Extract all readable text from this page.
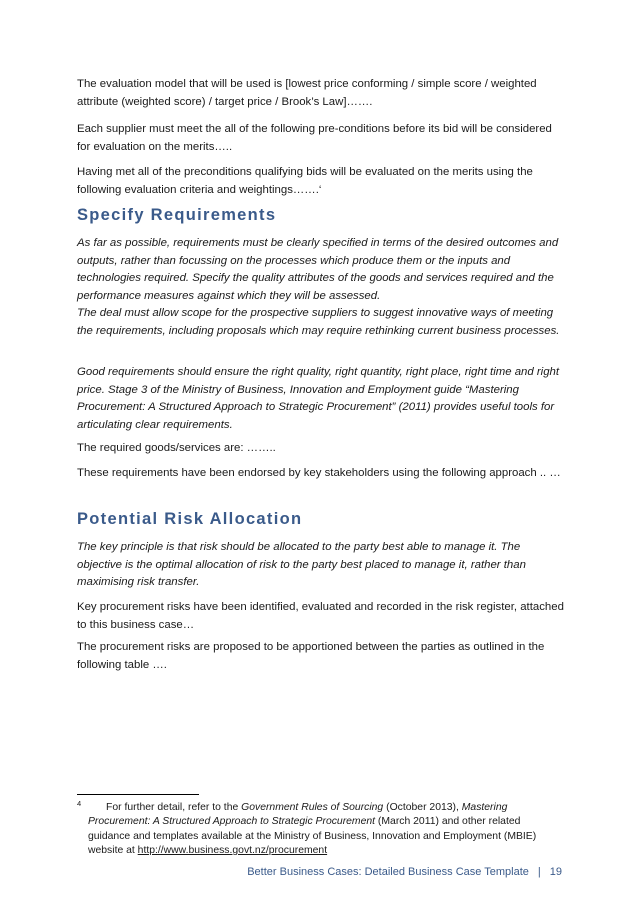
The evaluation model that will be used is [lowest price conforming / simple score / weighted attribute (weighted score) / target price / Brook’s Law]…….

Each supplier must meet the all of the following pre-conditions before its bid will be considered for evaluation on the merits…..

Having met all of the preconditions qualifying bids will be evaluated on the merits using the following evaluation criteria and weightings…….‘

Specify Requirements

As far as possible, requirements must be clearly specified in terms of the desired outcomes and outputs, rather than focussing on the processes which produce them or the inputs and technologies required. Specify the quality attributes of the goods and services required and the performance measures against which they will be assessed.

The deal must allow scope for the prospective suppliers to suggest innovative ways of meeting the requirements, including proposals which may require rethinking current business processes.

Good requirements should ensure the right quality, right quantity, right place, right time and right price. Stage 3 of the Ministry of Business, Innovation and Employment guide “Mastering Procurement: A Structured Approach to Strategic Procurement” (2011) provides useful tools for articulating clear requirements.

The required goods/services are: ……..

These requirements have been endorsed by key stakeholders using the following approach .. …

Potential Risk Allocation

The key principle is that risk should be allocated to the party best able to manage it. The objective is the optimal allocation of risk to the party best placed to manage it, rather than maximising risk transfer.

Key procurement risks have been identified, evaluated and recorded in the risk register, attached to this business case…

The procurement risks are proposed to be apportioned between the parties as outlined in the following table ….

4	For further detail, refer to the Government Rules of Sourcing (October 2013), Mastering Procurement: A Structured Approach to Strategic Procurement (March 2011) and other related guidance and templates available at the Ministry of Business, Innovation and Employment (MBIE) website at http://www.business.govt.nz/procurement

Better Business Cases: Detailed Business Case Template | 19
